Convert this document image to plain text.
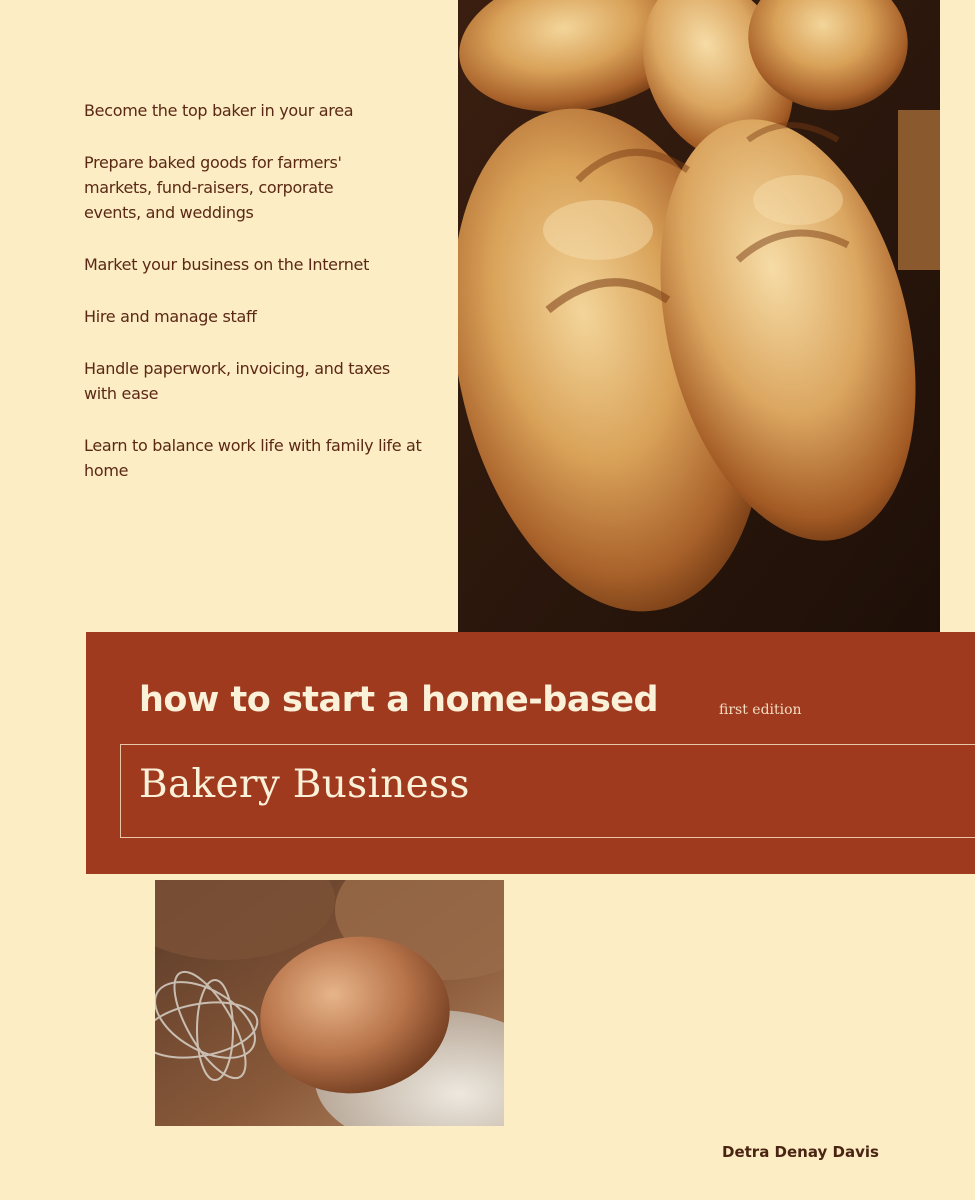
Become the top baker in your area
Prepare baked goods for farmers' markets, fund-raisers, corporate events, and weddings
Market your business on the Internet
Hire and manage staff
Handle paperwork, invoicing, and taxes with ease
Learn to balance work life with family life at home
how to start a home-based	first edition
Bakery Business
Detra Denay Davis
